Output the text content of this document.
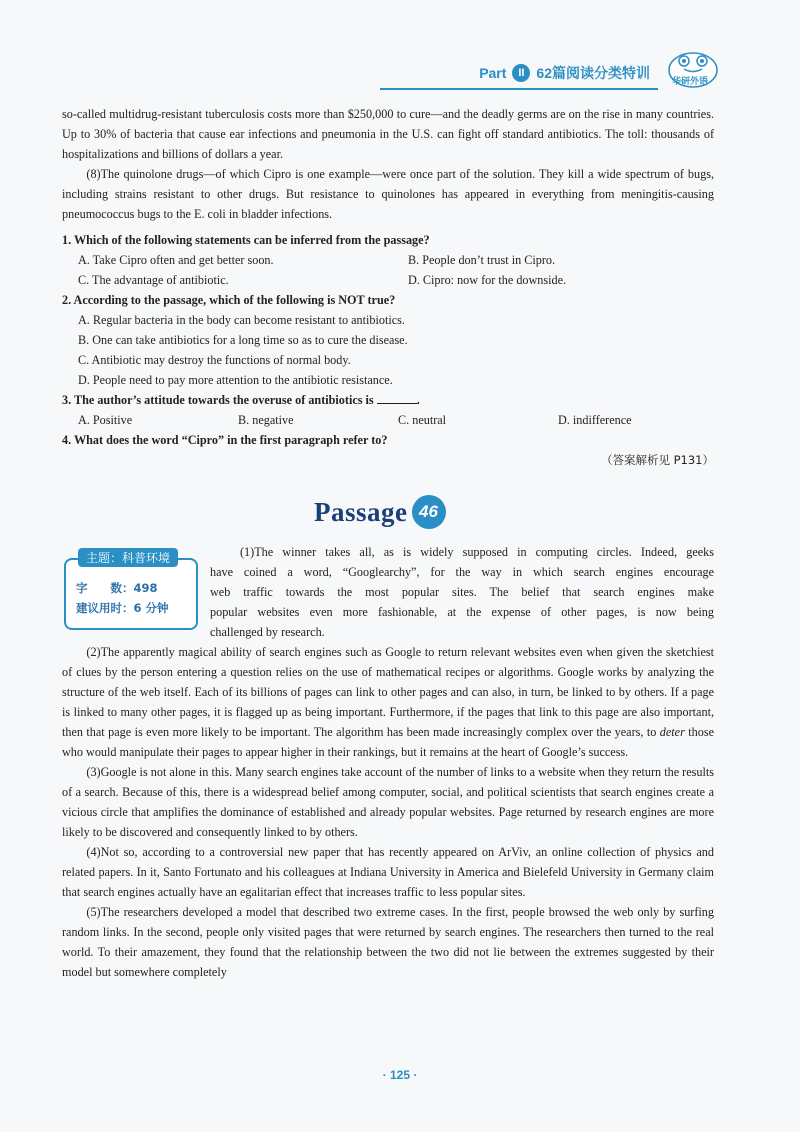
Part	II 62篇阅读分类特训
华研外语

so-called multidrug-resistant tuberculosis costs more than $250,000 to cure—and the deadly germs are on the rise in many countries. Up to 30% of bacteria that cause ear infections and pneumonia in the U.S. can fight off standard antibiotics. The toll: thousands of hospitalizations and billions of dollars a year.

(8)The quinolone drugs—of which Cipro is one example—were once part of the solution. They kill a wide spectrum of bugs, including strains resistant to other drugs. But resistance to quinolones has appeared in everything from meningitis-causing pneumococcus bugs to the E. coli in bladder infections.

1. Which of the following statements can be inferred from the passage?

A. Take Cipro often and get better soon.	B. People don’t trust in Cipro.
C. The advantage of antibiotic.	D. Cipro: now for the downside.

2. According to the passage, which of the following is NOT true?

A. Regular bacteria in the body can become resistant to antibiotics.
B. One can take antibiotics for a long time so as to cure the disease.
C. Antibiotic may destroy the functions of normal body.
D. People need to pay more attention to the antibiotic resistance.

3. The author’s attitude towards the overuse of antibiotics is	.

A. Positive	B. negative	C. neutral	D. indifference

4. What does the word “Cipro” in the first paragraph refer to?

（答案解析见 P131）
Passage 46
主题：科普环境
字　　数：498
建议用时：6 分钟
(1)The winner takes all, as is widely supposed in computing circles. Indeed, geeks
have coined a word, “Googlearchy”, for the way in which search engines encourage
web traffic towards the most popular sites. The belief that search engines make
popular websites even more fashionable, at the expense of other pages, is now being
challenged by research.

(2)The apparently magical ability of search engines such as Google to return relevant websites even when given the sketchiest of clues by the person entering a question relies on the use of mathematical recipes or algorithms. Google works by analyzing the structure of the web itself. Each of its billions of pages can link to other pages and can also, in turn, be linked to by others. If a page is linked to many other pages, it is flagged up as being important. Furthermore, if the pages that link to this page are also important, then that page is even more likely to be important. The algorithm has been made increasingly complex over the years, to deter those who would manipulate their pages to appear higher in their rankings, but it remains at the heart of Google’s success.

(3)Google is not alone in this. Many search engines take account of the number of links to a website when they return the results of a search. Because of this, there is a widespread belief among computer, social, and political scientists that search engines create a vicious circle that amplifies the dominance of established and already popular websites. Page returned by research engines are more likely to be discovered and consequently linked to by others.

(4)Not so, according to a controversial new paper that has recently appeared on ArViv, an online collection of physics and related papers. In it, Santo Fortunato and his colleagues at Indiana University in America and Bielefeld University in Germany claim that search engines actually have an egalitarian effect that increases traffic to less popular sites.

(5)The researchers developed a model that described two extreme cases. In the first, people browsed the web only by surfing random links. In the second, people only visited pages that were returned by search engines. The researchers then turned to the real world. To their amazement, they found that the relationship between the two did not lie between the extremes suggested by their model but somewhere completely

· 125 ·
